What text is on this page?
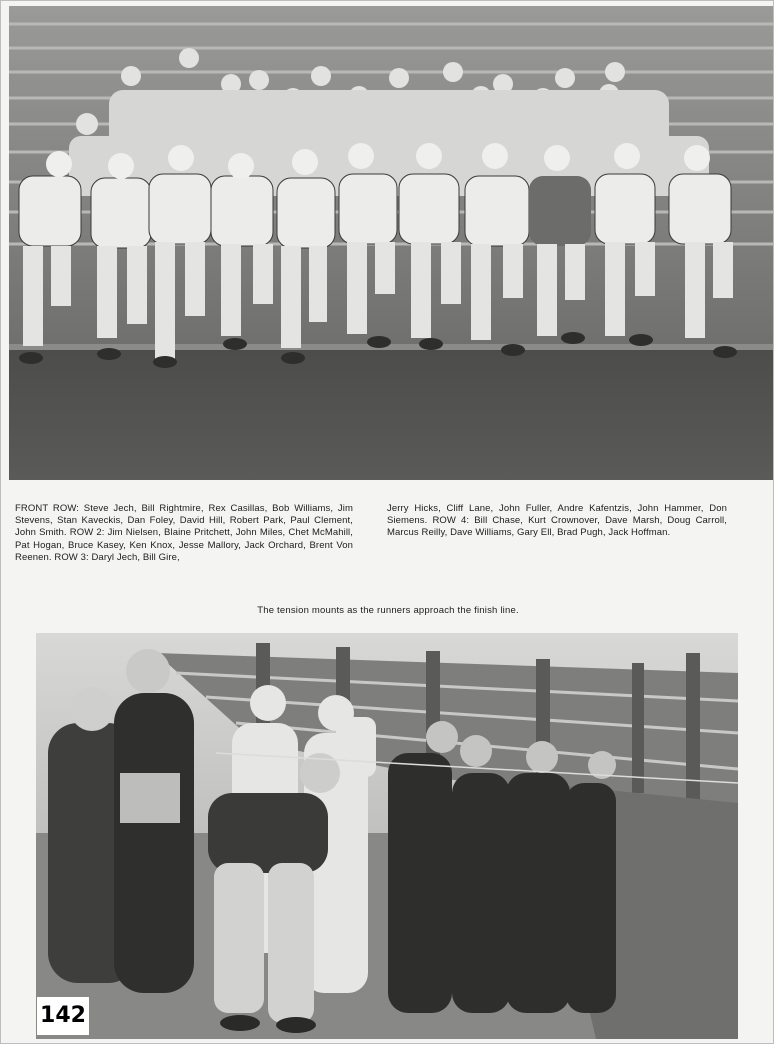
FRONT ROW: Steve Jech, Bill Rightmire, Rex Casillas, Bob Williams, Jim Stevens, Stan Kaveckis, Dan Foley, David Hill, Robert Park, Paul Clement, John Smith. ROW 2: Jim Nielsen, Blaine Pritchett, John Miles, Chet McMahill, Pat Hogan, Bruce Kasey, Ken Knox, Jesse Mallory, Jack Orchard, Brent Von Reenen. ROW 3: Daryl Jech, Bill Gire,

Jerry Hicks, Cliff Lane, John Fuller, Andre Kafentzis, John Hammer, Don Siemens. ROW 4: Bill Chase, Kurt Crownover, Dave Marsh, Doug Carroll, Marcus Reilly, Dave Williams, Gary Ell, Brad Pugh, Jack Hoffman.

The tension mounts as the runners approach the finish line.
142
